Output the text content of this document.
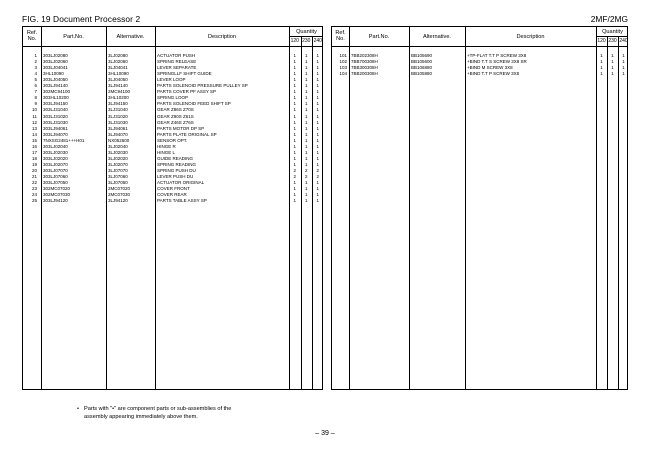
FIG. 19 Document Processor 2	2MF/2MG
Ref.
No.	Part.No.	Alternative.	Description
Quantity
120 230 240
1 303LJ02080	3LJ02080	ACTUATOR PUSH	1	1	1
2 303LJ02060	3LJ02060	SPRING RELEASE	1	1	1
3 303LJ04041	3LJ04041	LEVER SEPARATE	1	1	1
4 3HL10090	3HL10090	SPRINGLLF SHIFT GUIDE	1	1	1
5 303LJ04050	3LJ04050	LEVER LOOP	1	1	1
6 303LJ94140	3LJ94140	PARTS SOLENOID PRESSURE PULLEY SP	1	1	1
7 302MC94100	2MC94100	PARTS COVER PF ASSY SP	1	1	1
8 303HL10200	3HL10200	SPRING LOOP	1	1	1
9 303LJ94150	3LJ94150	PARTS SOLENOID FEED SHIFT SP	1	1	1
10 303LJ31040	3LJ31040	GEAR Z86S Z70S	1	1	1
11 303LJ31020	3LJ31020	GEAR Z90S Z61S	1	1	1
12 303LJ31030	3LJ31030	GEAR Z46S Z76S	1	1	1
13 303LJ94061	3LJ94061	PARTS MOTOR DP SP	1	1	1
14 303LJ94070	3LJ94070	PARTS PLATE ORIGINAL SP	1	1	1
15 7NXSG2481+++H01	NX052600	SENSOR OPT.	1	1	1
16 303LJ02040	3LJ02040	HINGE R	1	1	1
17 303LJ02030	3LJ02030	HINGE L	1	1	1
18 303LJ02020	3LJ02020	GUIDE READING	1	1	1
19 303LJ02070	3LJ02070	SPRING READING	1	1	1
20 303LJ07070	3LJ07070	SPRING PUSH DU	2	2	2
21 303LJ07060	3LJ07060	LEVER PUSH DU	2	2	2
22 303LJ07050	3LJ07050	ACTUATOR ORIGINAL	1	1	1
23 302MC07020	2MC07020	COVER FRONT	1	1	1
24 302MC07030	2MC07030	COVER REAR	1	1	1
25 303LJ94120	3LJ94120	PARTS TABLE ASSY SP	1	1	1
Ref.
No.	Part.No.	Alternative.	Description
Quantity
120 230 240
101 7BB202308H	BB105690	+TP-FLAT T.T P SCREW 3X8	1	1	1
102 7BB700308H	BB105600	+BIND T.T S SCREW 3X8 SR	1	1	1
103 7BB300308H	BB106880	+BIND M SCREW 3X8	1	1	1
104 7BB200308H	BB105880	+BIND T.T P SCREW 3X8	1	1	1
• Parts with "•" are component parts or sub-assemblies of the
assembly appearing immediately above them.
– 39 –
